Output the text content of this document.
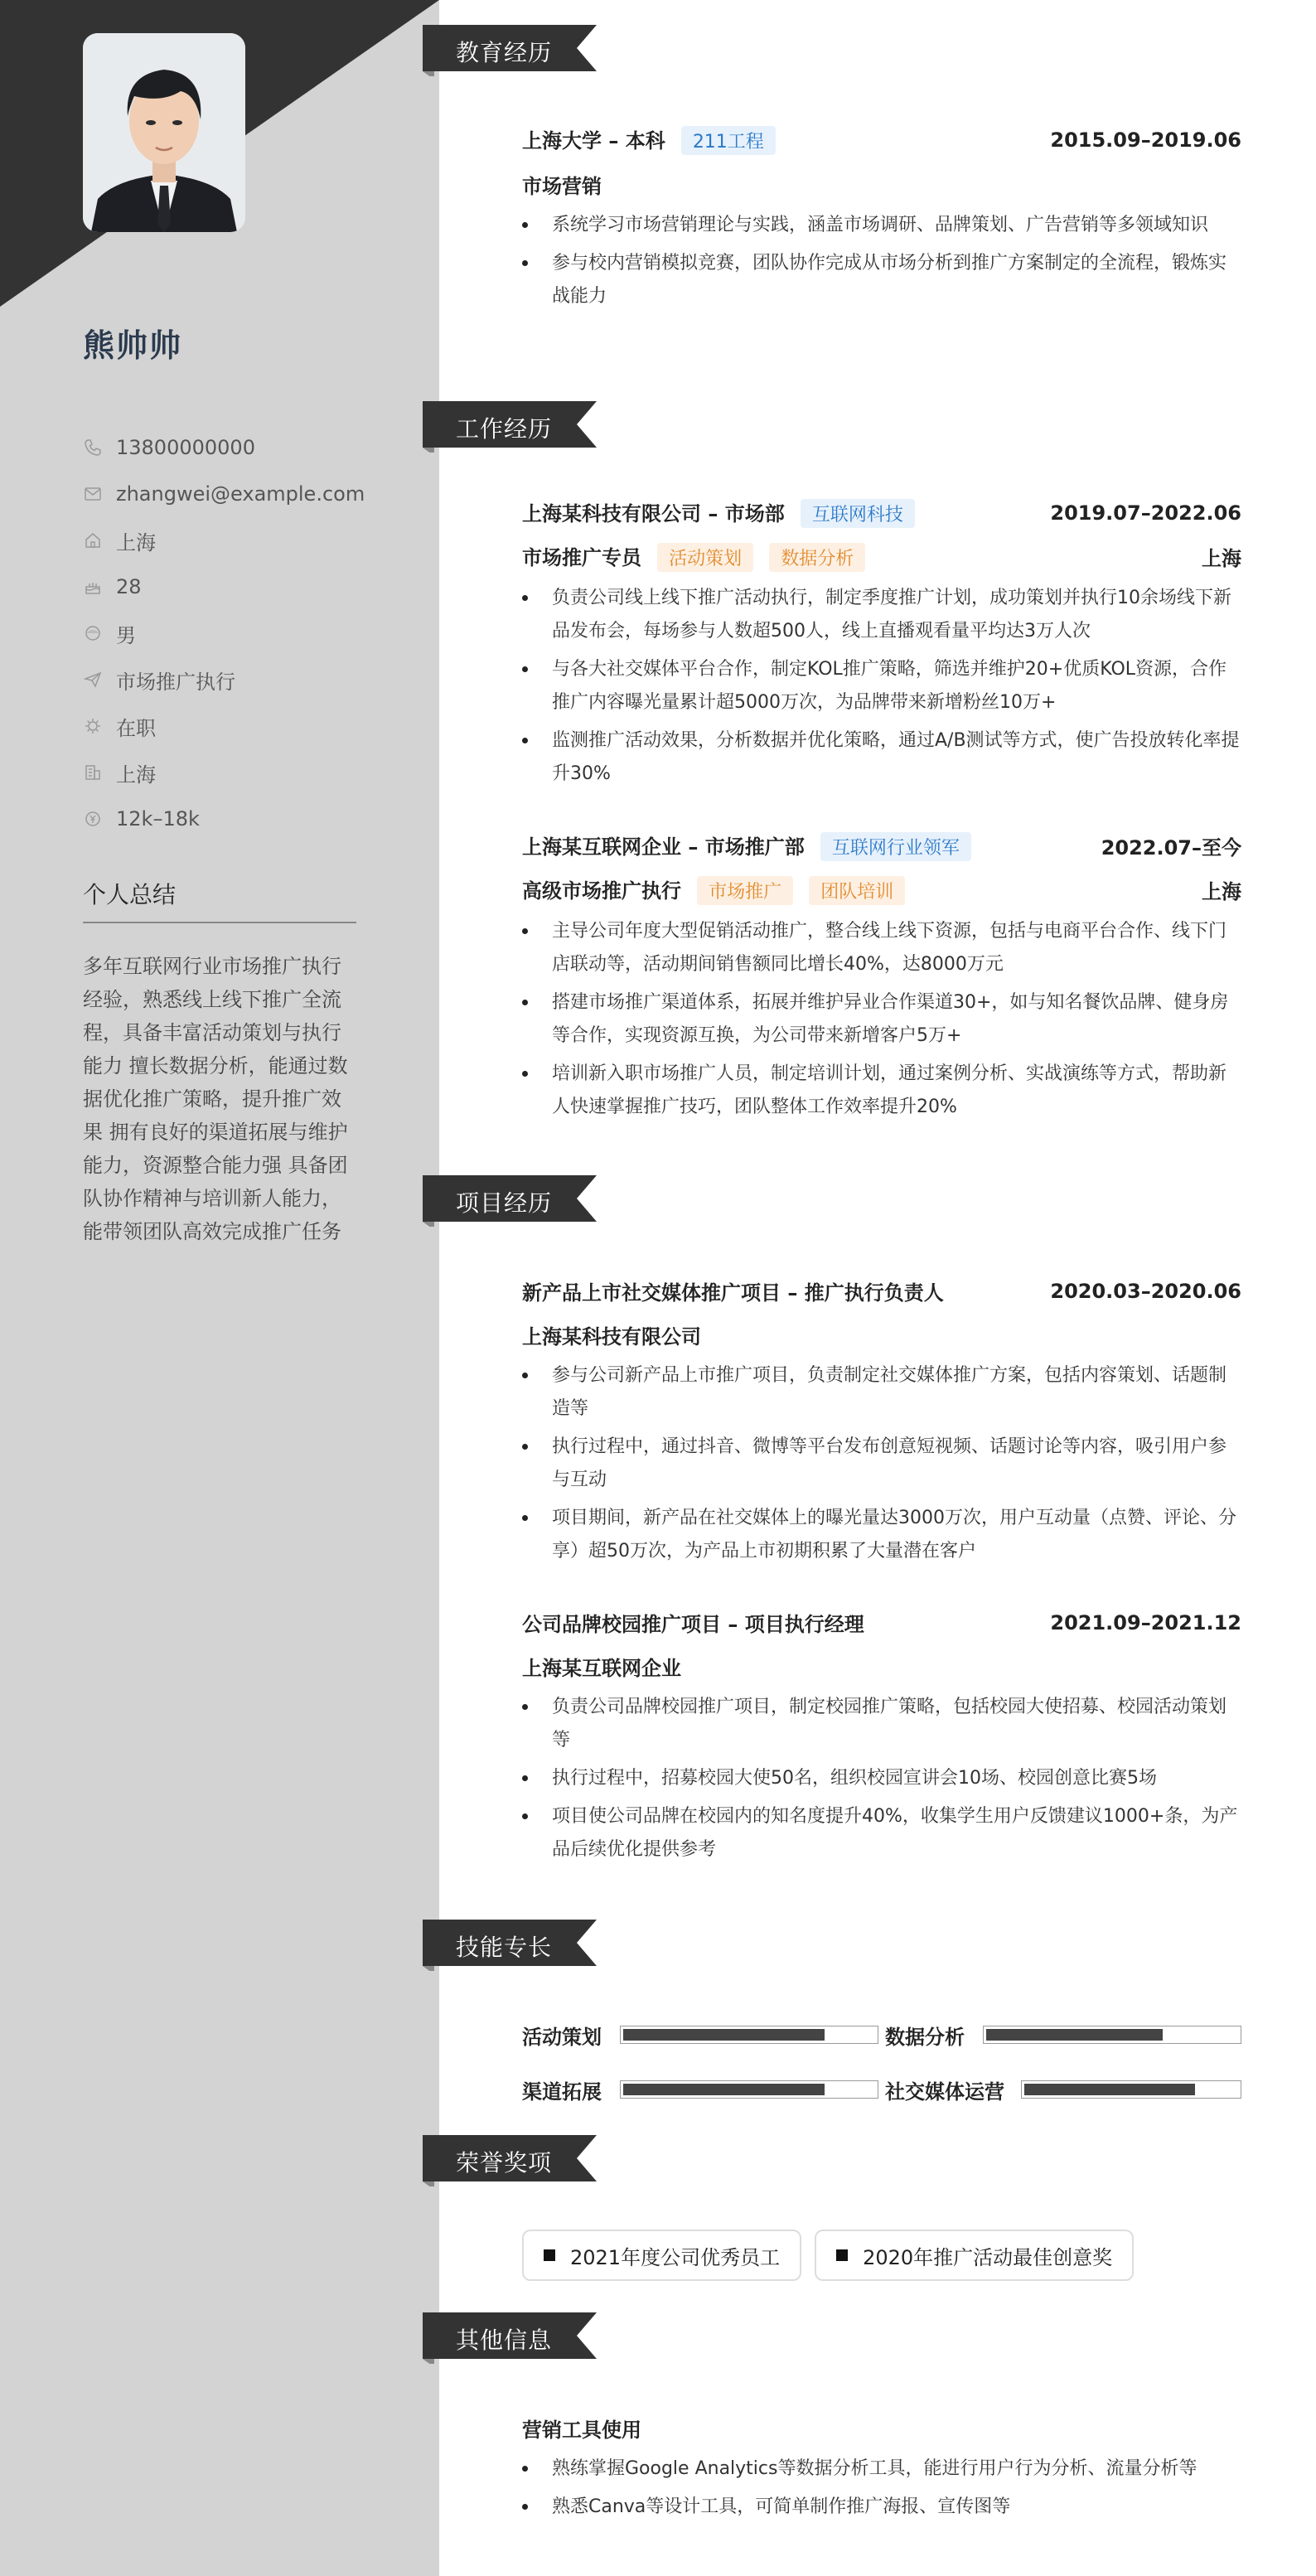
熊帅帅
13800000000
zhangwei@example.com
上海
28
男
市场推广执行
在职
上海
12k–18k
个人总结
多年互联网行业市场推广执行经验，熟悉线上线下推广全流程，具备丰富活动策划与执行能力 擅长数据分析，能通过数据优化推广策略，提升推广效果 拥有良好的渠道拓展与维护能力，资源整合能力强 具备团队协作精神与培训新人能力，能带领团队高效完成推广任务
教育经历
上海大学 – 本科 211工程	2015.09–2019.06
市场营销
系统学习市场营销理论与实践，涵盖市场调研、品牌策划、广告营销等多领域知识
参与校内营销模拟竞赛，团队协作完成从市场分析到推广方案制定的全流程，锻炼实战能力
工作经历
上海某科技有限公司 – 市场部 互联网科技	2019.07–2022.06
市场推广专员 活动策划 数据分析	上海
负责公司线上线下推广活动执行，制定季度推广计划，成功策划并执行10余场线下新品发布会，每场参与人数超500人，线上直播观看量平均达3万人次
与各大社交媒体平台合作，制定KOL推广策略，筛选并维护20+优质KOL资源，合作推广内容曝光量累计超5000万次，为品牌带来新增粉丝10万+
监测推广活动效果，分析数据并优化策略，通过A/B测试等方式，使广告投放转化率提升30%
上海某互联网企业 – 市场推广部 互联网行业领军	2022.07–至今
高级市场推广执行 市场推广 团队培训	上海
主导公司年度大型促销活动推广，整合线上线下资源，包括与电商平台合作、线下门店联动等，活动期间销售额同比增长40%，达8000万元
搭建市场推广渠道体系，拓展并维护异业合作渠道30+，如与知名餐饮品牌、健身房等合作，实现资源互换，为公司带来新增客户5万+
培训新入职市场推广人员，制定培训计划，通过案例分析、实战演练等方式，帮助新人快速掌握推广技巧，团队整体工作效率提升20%
项目经历
新产品上市社交媒体推广项目 – 推广执行负责人	2020.03–2020.06
上海某科技有限公司
参与公司新产品上市推广项目，负责制定社交媒体推广方案，包括内容策划、话题制造等
执行过程中，通过抖音、微博等平台发布创意短视频、话题讨论等内容，吸引用户参与互动
项目期间，新产品在社交媒体上的曝光量达3000万次，用户互动量（点赞、评论、分享）超50万次，为产品上市初期积累了大量潜在客户
公司品牌校园推广项目 – 项目执行经理	2021.09–2021.12
上海某互联网企业
负责公司品牌校园推广项目，制定校园推广策略，包括校园大使招募、校园活动策划等
执行过程中，招募校园大使50名，组织校园宣讲会10场、校园创意比赛5场
项目使公司品牌在校园内的知名度提升40%，收集学生用户反馈建议1000+条，为产品后续优化提供参考
技能专长
活动策划	数据分析
渠道拓展	社交媒体运营
荣誉奖项
2021年度公司优秀员工	2020年推广活动最佳创意奖
其他信息
营销工具使用
熟练掌握Google Analytics等数据分析工具，能进行用户行为分析、流量分析等
熟悉Canva等设计工具，可简单制作推广海报、宣传图等
